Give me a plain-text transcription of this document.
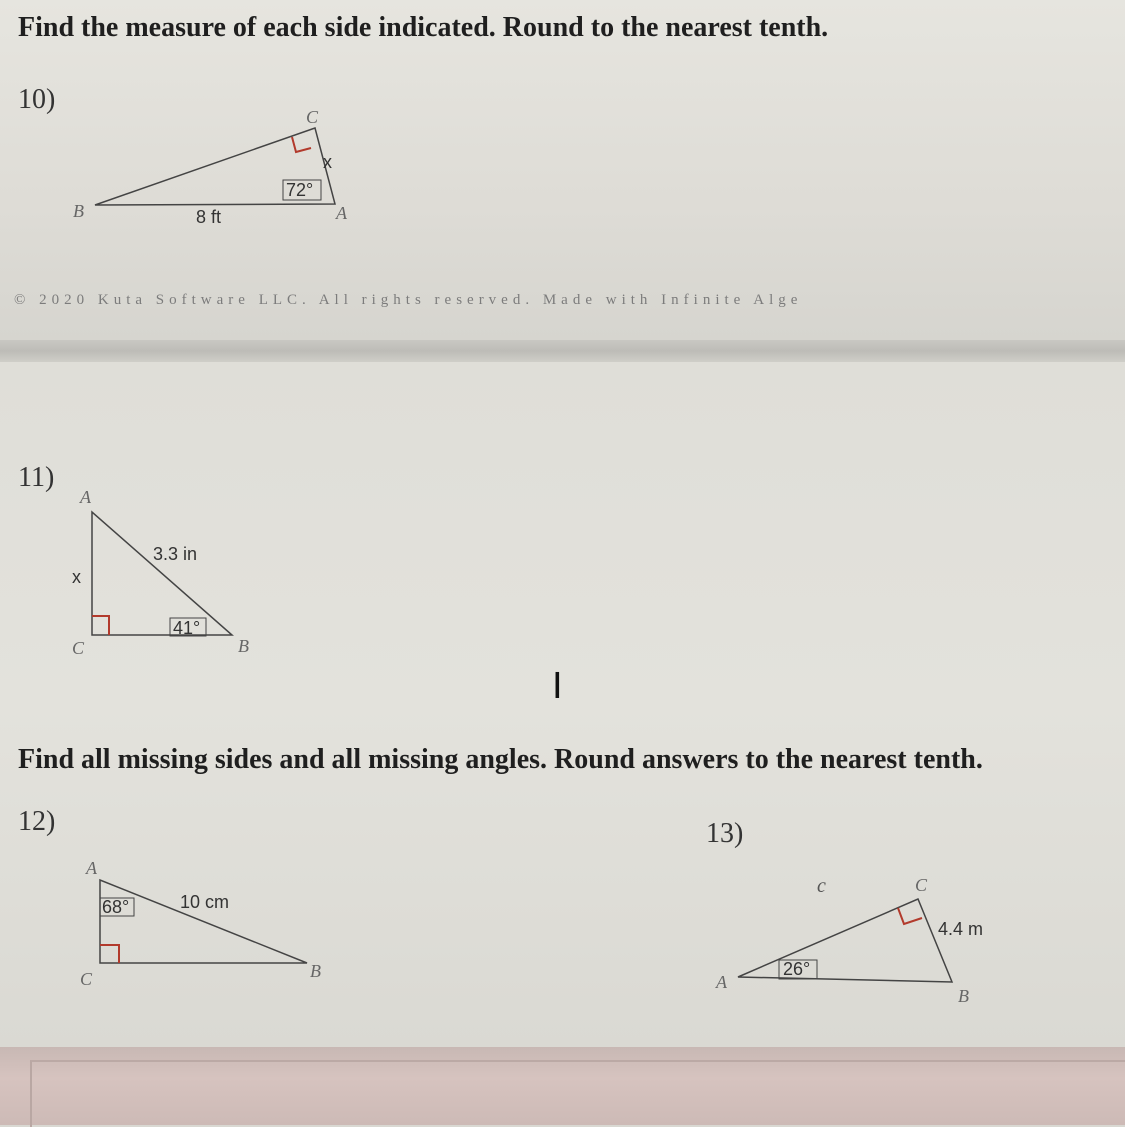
Find the measure of each side indicated. Round to the nearest tenth.
10)
B
C
A
8 ft
x
72°
A
C	B
3.3 in
x
41°
A
C	B
10 cm
68°
C
A
B
4.4 m
26°
c
© 2020 Kuta Software LLC. All rights reserved. Made with Infinite Alge
11)
I
Find all missing sides and all missing angles. Round answers to the nearest tenth.
12)	13)
